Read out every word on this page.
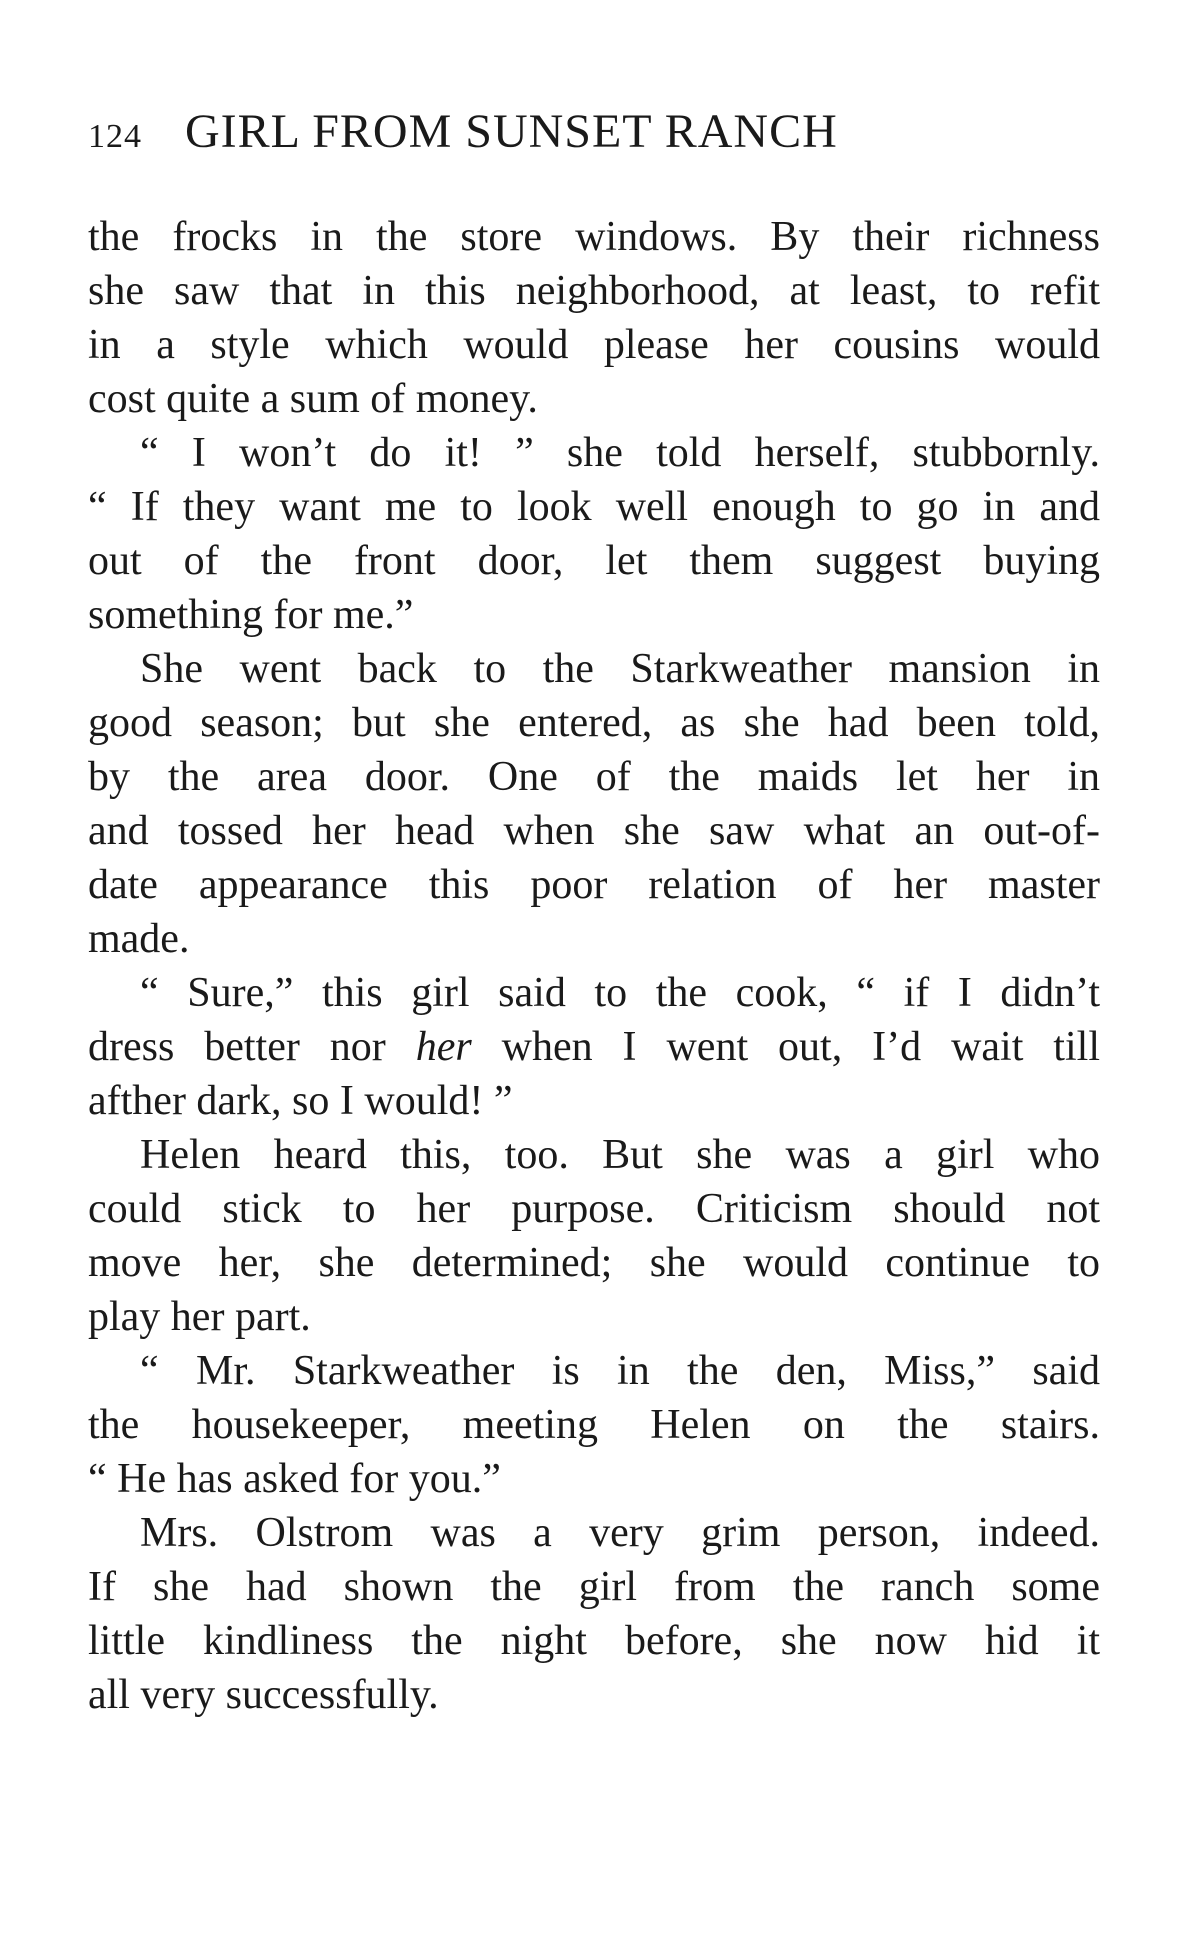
124 GIRL FROM SUNSET RANCH
the frocks in the store windows. By their richness
she saw that in this neighborhood, at least, to refit
in a style which would please her cousins would
cost quite a sum of money.
“ I won’t do it! ” she told herself, stubbornly.
“ If they want me to look well enough to go in and
out of the front door, let them suggest buying
something for me.”
She went back to the Starkweather mansion in
good season; but she entered, as she had been told,
by the area door. One of the maids let her in
and tossed her head when she saw what an out-of-
date appearance this poor relation of her master
made.
“ Sure,” this girl said to the cook, “ if I didn’t
dress better nor her when I went out, I’d wait till
afther dark, so I would! ”
Helen heard this, too. But she was a girl who
could stick to her purpose. Criticism should not
move her, she determined; she would continue to
play her part.
“ Mr. Starkweather is in the den, Miss,” said
the housekeeper, meeting Helen on the stairs.
“ He has asked for you.”
Mrs. Olstrom was a very grim person, indeed.
If she had shown the girl from the ranch some
little kindliness the night before, she now hid it
all very successfully.
